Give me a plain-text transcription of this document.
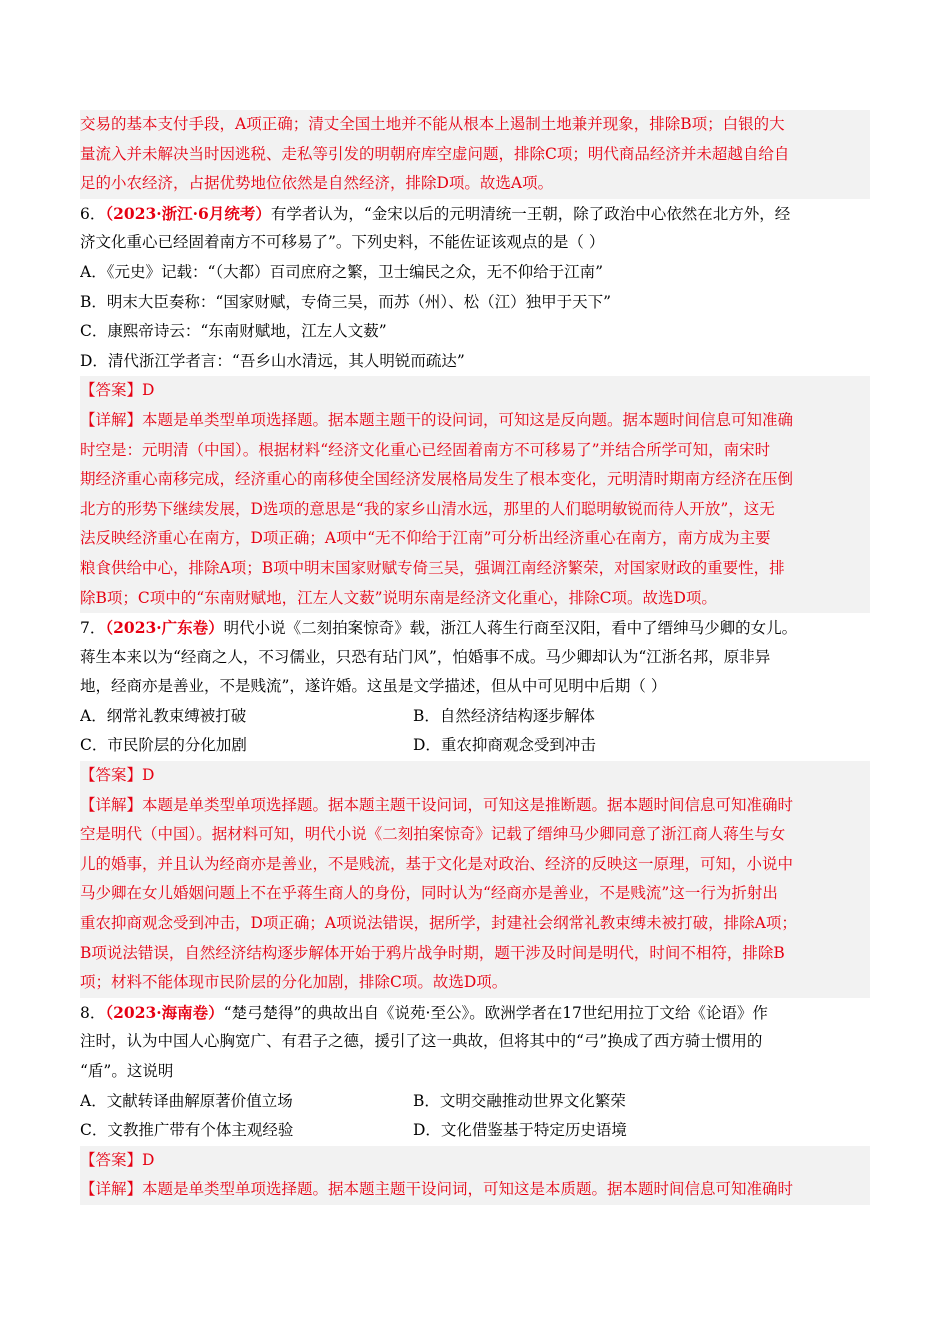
交易的基本支付手段，A项正确；清丈全国土地并不能从根本上遏制土地兼并现象，排除B项；白银的大
量流入并未解决当时因逃税、走私等引发的明朝府库空虚问题，排除C项；明代商品经济并未超越自给自
足的小农经济，占据优势地位依然是自然经济，排除D项。故选A项。
6．（2023·浙江·6月统考）有学者认为，“金宋以后的元明清统一王朝，除了政治中心依然在北方外，经
济文化重心已经固着南方不可移易了”。下列史料，不能佐证该观点的是（ ）
A．《元史》记载：“（大都）百司庶府之繁，卫士编民之众，无不仰给于江南”
B．明末大臣奏称：“国家财赋，专倚三吴，而苏（州）、松（江）独甲于天下”
C．康熙帝诗云：“东南财赋地，江左人文薮”
D．清代浙江学者言：“吾乡山水清远，其人明锐而疏达”
【答案】D
【详解】本题是单类型单项选择题。据本题主题干的设问词，可知这是反向题。据本题时间信息可知准确
时空是：元明清（中国）。根据材料“经济文化重心已经固着南方不可移易了”并结合所学可知，南宋时
期经济重心南移完成，经济重心的南移使全国经济发展格局发生了根本变化，元明清时期南方经济在压倒
北方的形势下继续发展，D选项的意思是“我的家乡山清水远，那里的人们聪明敏锐而待人开放”，这无
法反映经济重心在南方，D项正确；A项中“无不仰给于江南”可分析出经济重心在南方，南方成为主要
粮食供给中心，排除A项；B项中明末国家财赋专倚三吴，强调江南经济繁荣，对国家财政的重要性，排
除B项；C项中的“东南财赋地，江左人文薮”说明东南是经济文化重心，排除C项。故选D项。
7．（2023·广东卷）明代小说《二刻拍案惊奇》载，浙江人蒋生行商至汉阳，看中了缙绅马少卿的女儿。
蒋生本来以为“经商之人，不习儒业，只恐有玷门风”，怕婚事不成。马少卿却认为“江浙名邦，原非异
地，经商亦是善业，不是贱流”，遂许婚。这虽是文学描述，但从中可见明中后期（ ）
A．纲常礼教束缚被打破	B．自然经济结构逐步解体
C．市民阶层的分化加剧	D．重农抑商观念受到冲击
【答案】D
【详解】本题是单类型单项选择题。据本题主题干设问词，可知这是推断题。据本题时间信息可知准确时
空是明代（中国）。据材料可知，明代小说《二刻拍案惊奇》记载了缙绅马少卿同意了浙江商人蒋生与女
儿的婚事，并且认为经商亦是善业，不是贱流，基于文化是对政治、经济的反映这一原理，可知，小说中
马少卿在女儿婚姻问题上不在乎蒋生商人的身份，同时认为“经商亦是善业，不是贱流”这一行为折射出
重农抑商观念受到冲击，D项正确；A项说法错误，据所学，封建社会纲常礼教束缚未被打破，排除A项；
B项说法错误，自然经济结构逐步解体开始于鸦片战争时期，题干涉及时间是明代，时间不相符，排除B
项；材料不能体现市民阶层的分化加剧，排除C项。故选D项。
8．（2023·海南卷）“楚弓楚得”的典故出自《说苑·至公》。欧洲学者在17世纪用拉丁文给《论语》作
注时，认为中国人心胸宽广、有君子之德，援引了这一典故，但将其中的“弓”换成了西方骑士惯用的
“盾”。这说明
A．文献转译曲解原著价值立场	B．文明交融推动世界文化繁荣
C．文教推广带有个体主观经验	D．文化借鉴基于特定历史语境
【答案】D
【详解】本题是单类型单项选择题。据本题主题干设问词，可知这是本质题。据本题时间信息可知准确时
